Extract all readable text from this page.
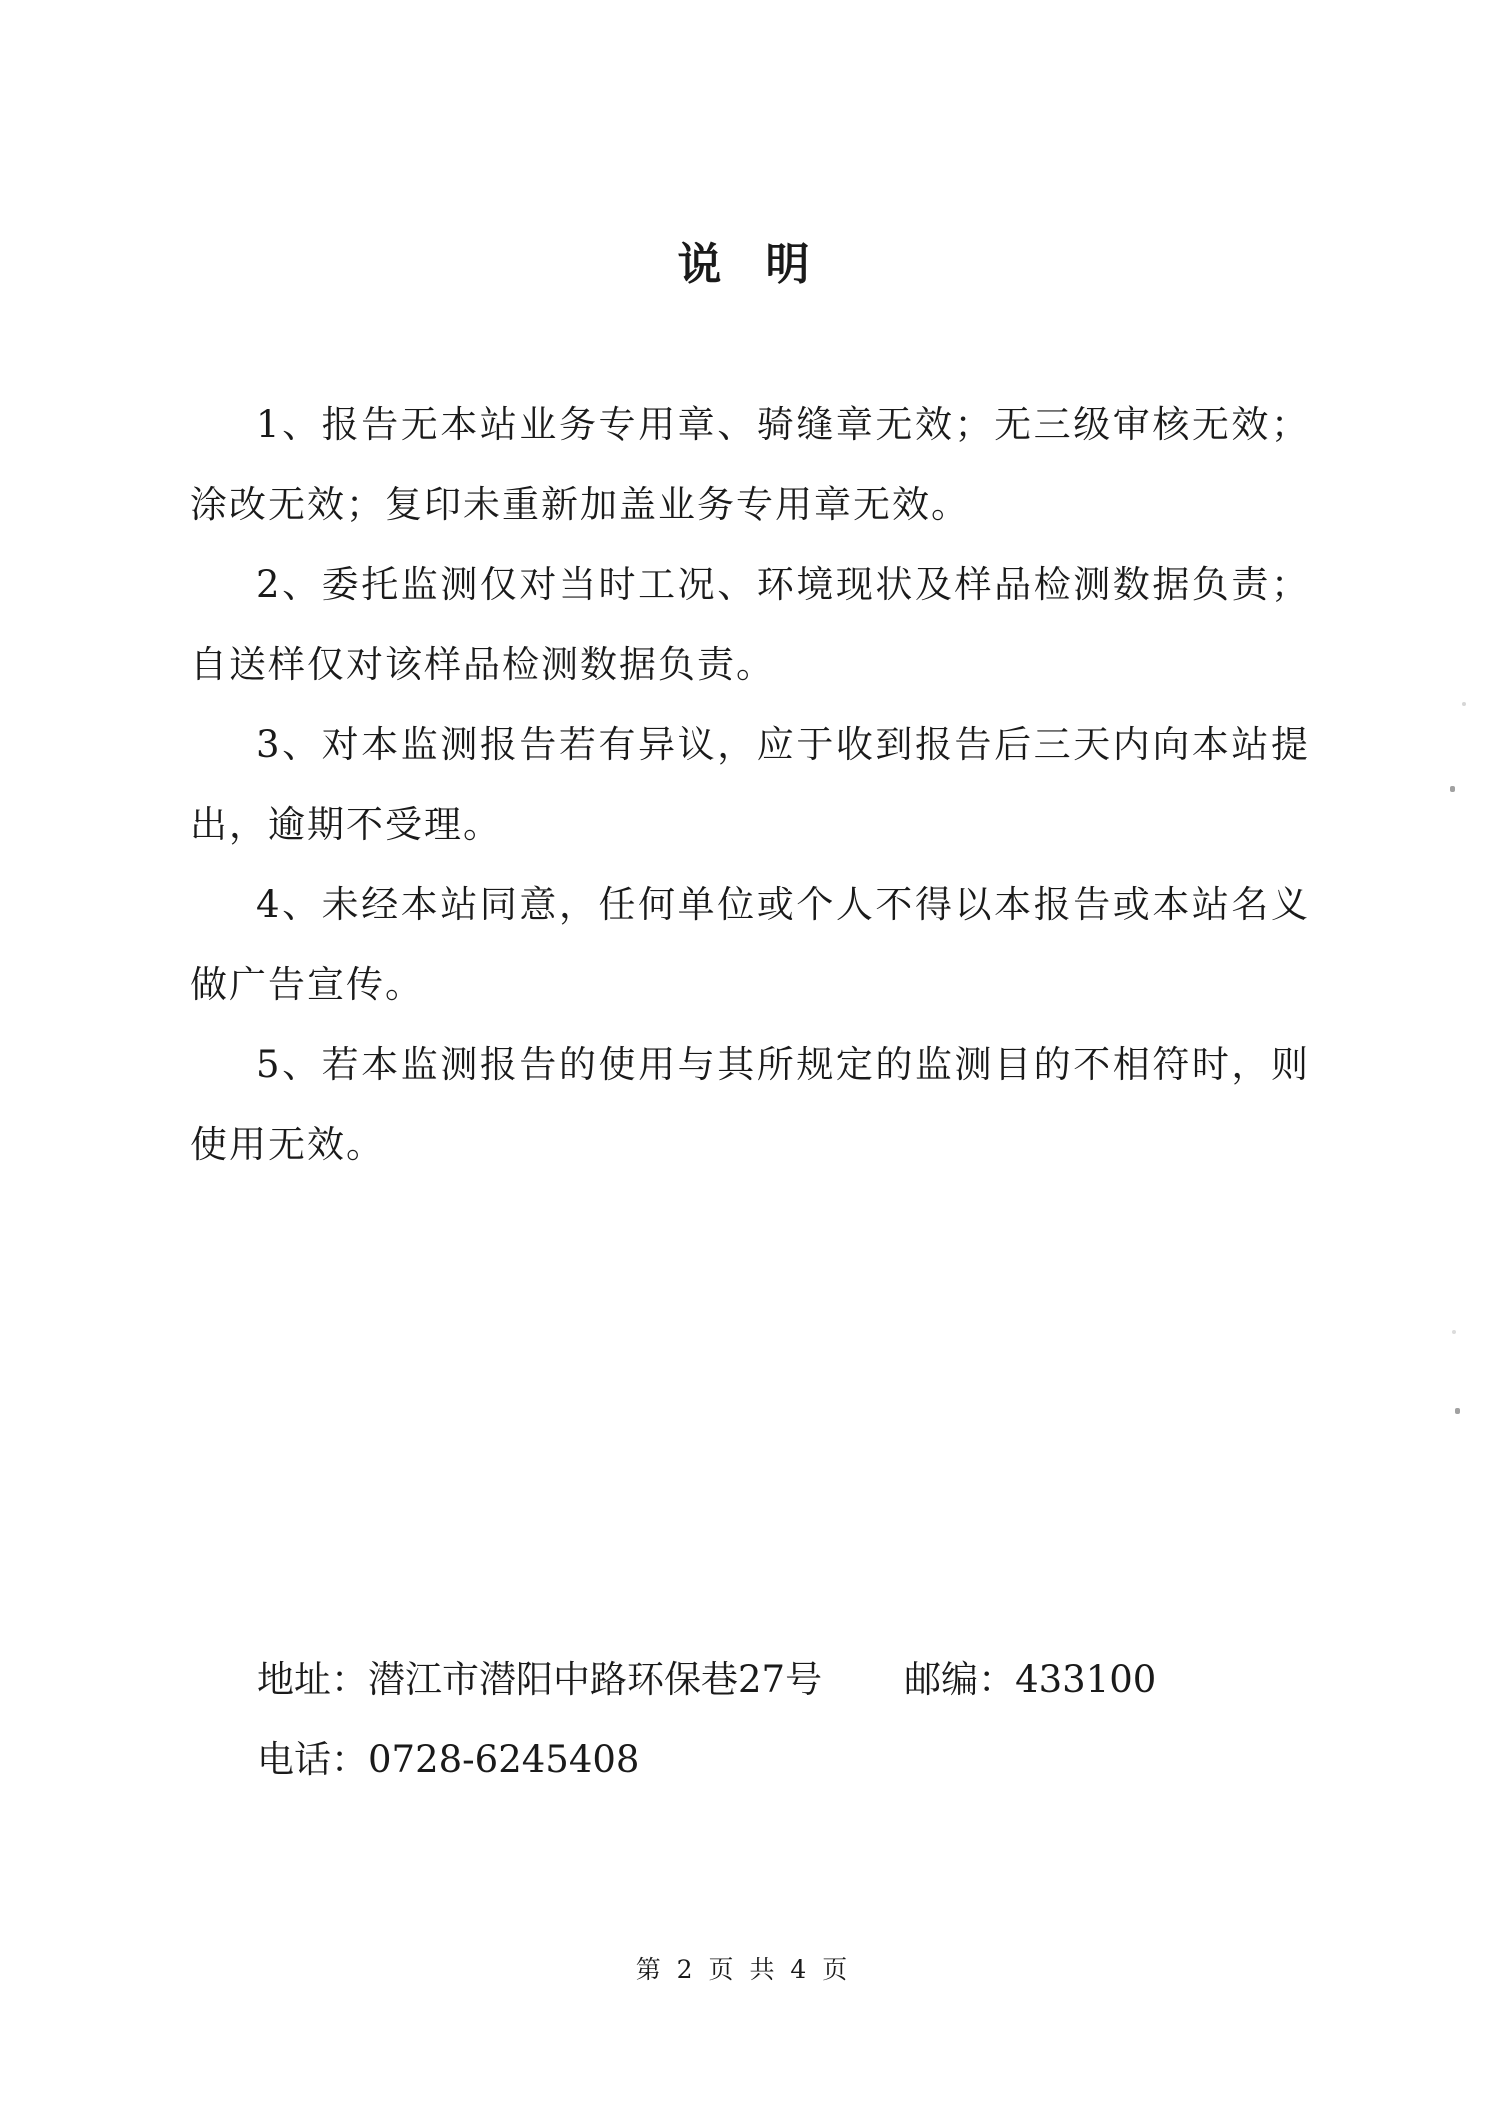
说明

1、报告无本站业务专用章、骑缝章无效；无三级审核无效；涂改无效；复印未重新加盖业务专用章无效。

2、委托监测仅对当时工况、环境现状及样品检测数据负责；自送样仅对该样品检测数据负责。

3、对本监测报告若有异议，应于收到报告后三天内向本站提出，逾期不受理。

4、未经本站同意，任何单位或个人不得以本报告或本站名义做广告宣传。

5、若本监测报告的使用与其所规定的监测目的不相符时，则使用无效。

地址：潜江市潜阳中路环保巷27号 邮编：433100
电话：0728-6245408
第 2 页 共 4 页
